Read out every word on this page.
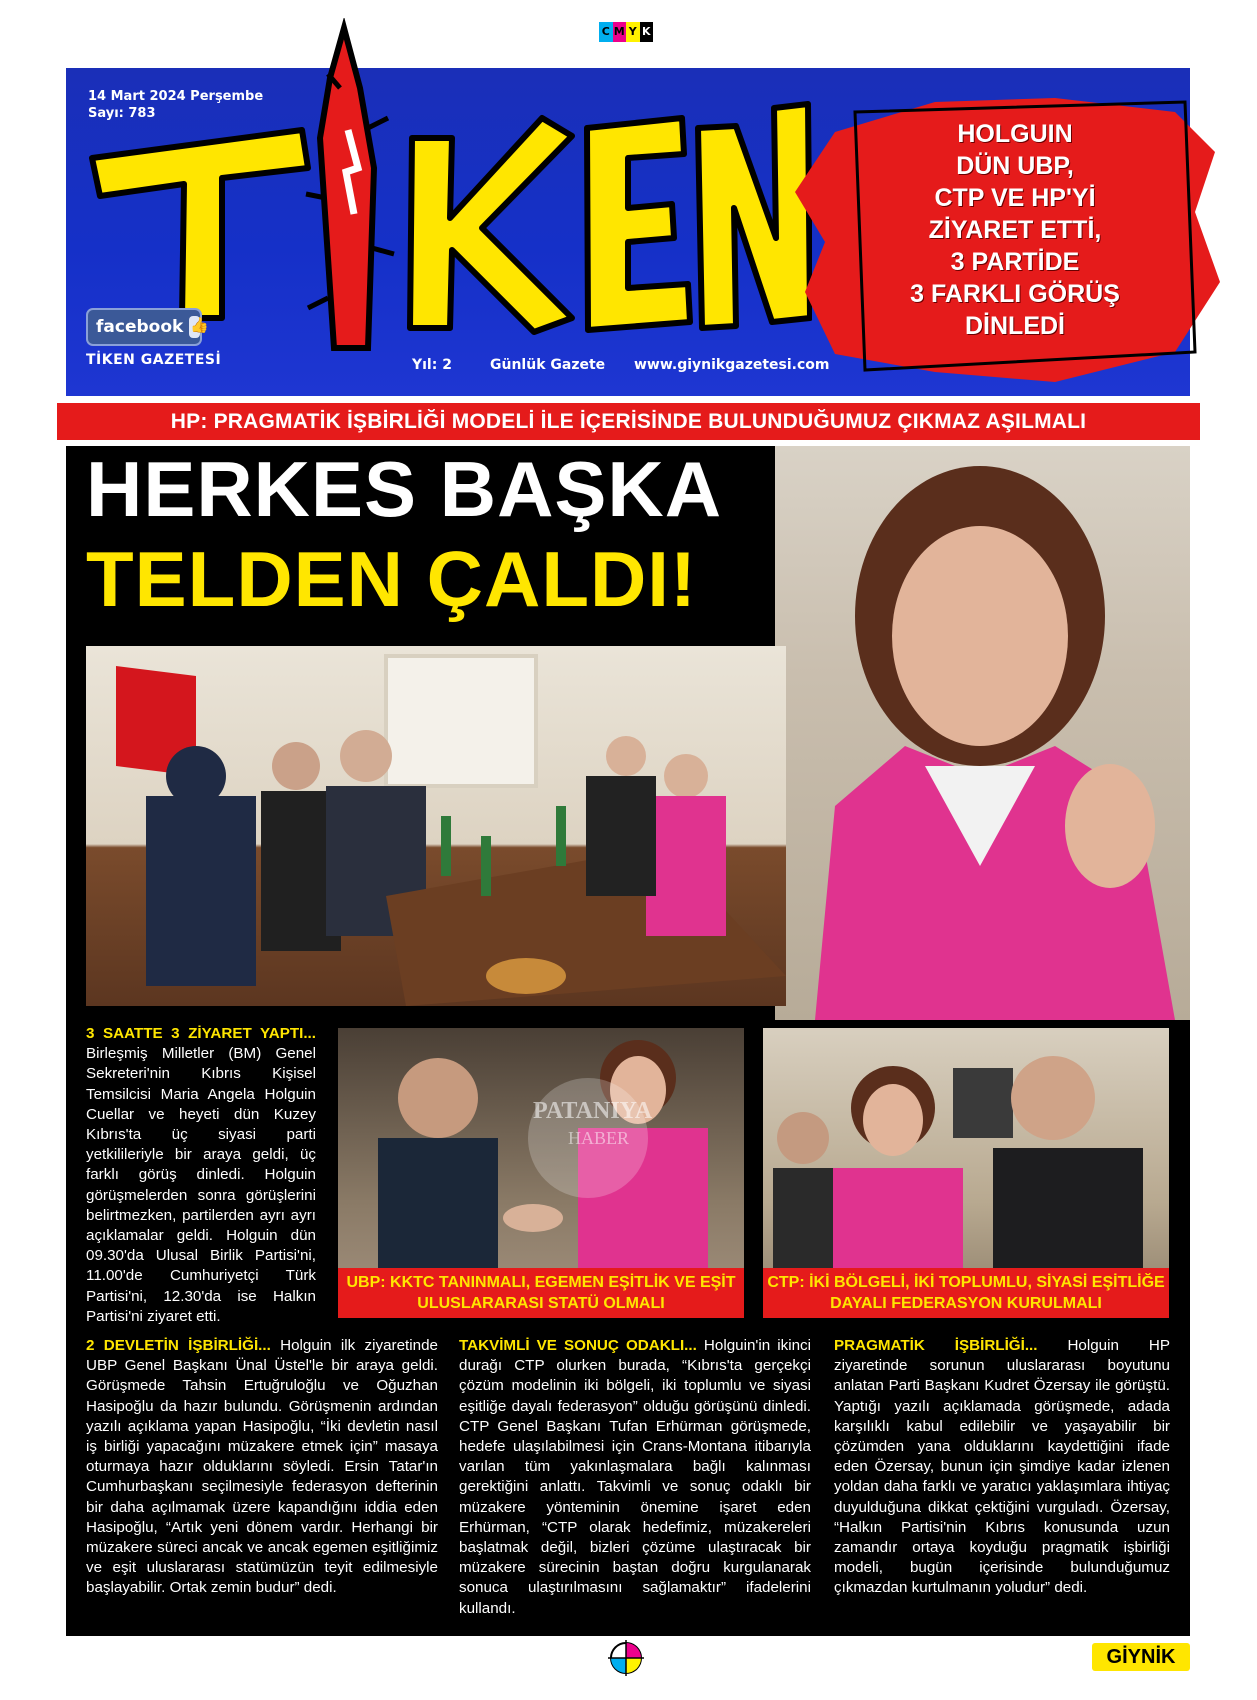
C M Y K
14 Mart 2024 Perşembe
Sayı: 783
facebook
👍
TİKEN GAZETESİ	Yıl: 2	Günlük Gazete www.giynikgazetesi.com
HOLGUIN
DÜN UBP,
CTP VE HP'Yİ
ZİYARET ETTİ,
3 PARTİDE
3 FARKLI GÖRÜŞ
DİNLEDİ
HP: PRAGMATİK İŞBİRLİĞİ MODELİ İLE İÇERİSİNDE BULUNDUĞUMUZ ÇIKMAZ AŞILMALI
HERKES BAŞKA
TELDEN ÇALDI!
3 SAATTE 3 ZİYARET YAPTI... Birleşmiş Milletler (BM) Genel Sekreteri'nin Kıbrıs Kişisel Temsilcisi Maria Angela Holguin Cuellar ve heyeti dün Kuzey Kıbrıs'ta üç siyasi parti yetkilileriyle bir araya geldi, üç farklı görüş dinledi. Holguin görüşmelerden sonra görüşlerini belirtmezken, partilerden ayrı ayrı açıklamalar geldi. Holguin dün 09.30'da Ulusal Birlik Partisi'ni, 11.00'de Cumhuriyetçi Türk Partisi'ni, 12.30'da ise Halkın Partisi'ni ziyaret etti.
PATANIYA
HABER
UBP: KKTC TANINMALI, EGEMEN EŞİTLİK VE EŞİT ULUSLARARASI STATÜ OLMALI
CTP: İKİ BÖLGELİ, İKİ TOPLUMLU, SİYASİ EŞİTLİĞE DAYALI FEDERASYON KURULMALI
2 DEVLETİN İŞBİRLİĞİ... Holguin ilk ziyaretinde UBP Genel Başkanı Ünal Üstel'le bir araya geldi. Görüşmede Tahsin Ertuğruloğlu ve Oğuzhan Hasipoğlu da hazır bulundu. Görüşmenin ardından yazılı açıklama yapan Hasipoğlu, “İki devletin nasıl iş birliği yapacağını müzakere etmek için” masaya oturmaya hazır olduklarını söyledi. Ersin Tatar'ın Cumhurbaşkanı seçilmesiyle federasyon defterinin bir daha açılmamak üzere kapandığını iddia eden Hasipoğlu, “Artık yeni dönem vardır. Herhangi bir müzakere süreci ancak ve ancak egemen eşitliğimiz ve eşit uluslararası statümüzün teyit edilmesiyle başlayabilir. Ortak zemin budur” dedi.
TAKVİMLİ VE SONUÇ ODAKLI... Holguin'in ikinci durağı CTP olurken burada, “Kıbrıs'ta gerçekçi çözüm modelinin iki bölgeli, iki toplumlu ve siyasi eşitliğe dayalı federasyon” olduğu görüşünü dinledi. CTP Genel Başkanı Tufan Erhürman görüşmede, hedefe ulaşılabilmesi için Crans-Montana itibarıyla varılan tüm yakınlaşmalara bağlı kalınması gerektiğini anlattı. Takvimli ve sonuç odaklı bir müzakere yönteminin önemine işaret eden Erhürman, “CTP olarak hedefimiz, müzakereleri başlatmak değil, bizleri çözüme ulaştıracak bir müzakere sürecinin baştan doğru kurgulanarak sonuca ulaştırılmasını sağlamaktır” ifadelerini kullandı.
PRAGMATİK İŞBİRLİĞİ... Holguin HP ziyaretinde sorunun uluslararası boyutunu anlatan Parti Başkanı Kudret Özersay ile görüştü. Yaptığı yazılı açıklamada görüşmede, adada karşılıklı kabul edilebilir ve yaşayabilir bir çözümden yana olduklarını kaydettiğini ifade eden Özersay, bunun için şimdiye kadar izlenen yoldan daha farklı ve yaratıcı yaklaşımlara ihtiyaç duyulduğuna dikkat çektiğini vurguladı. Özersay, “Halkın Partisi'nin Kıbrıs konusunda uzun zamandır ortaya koyduğu pragmatik işbirliği modeli, bugün içerisinde bulunduğumuz çıkmazdan kurtulmanın yoludur” dedi.
GİYNİK
